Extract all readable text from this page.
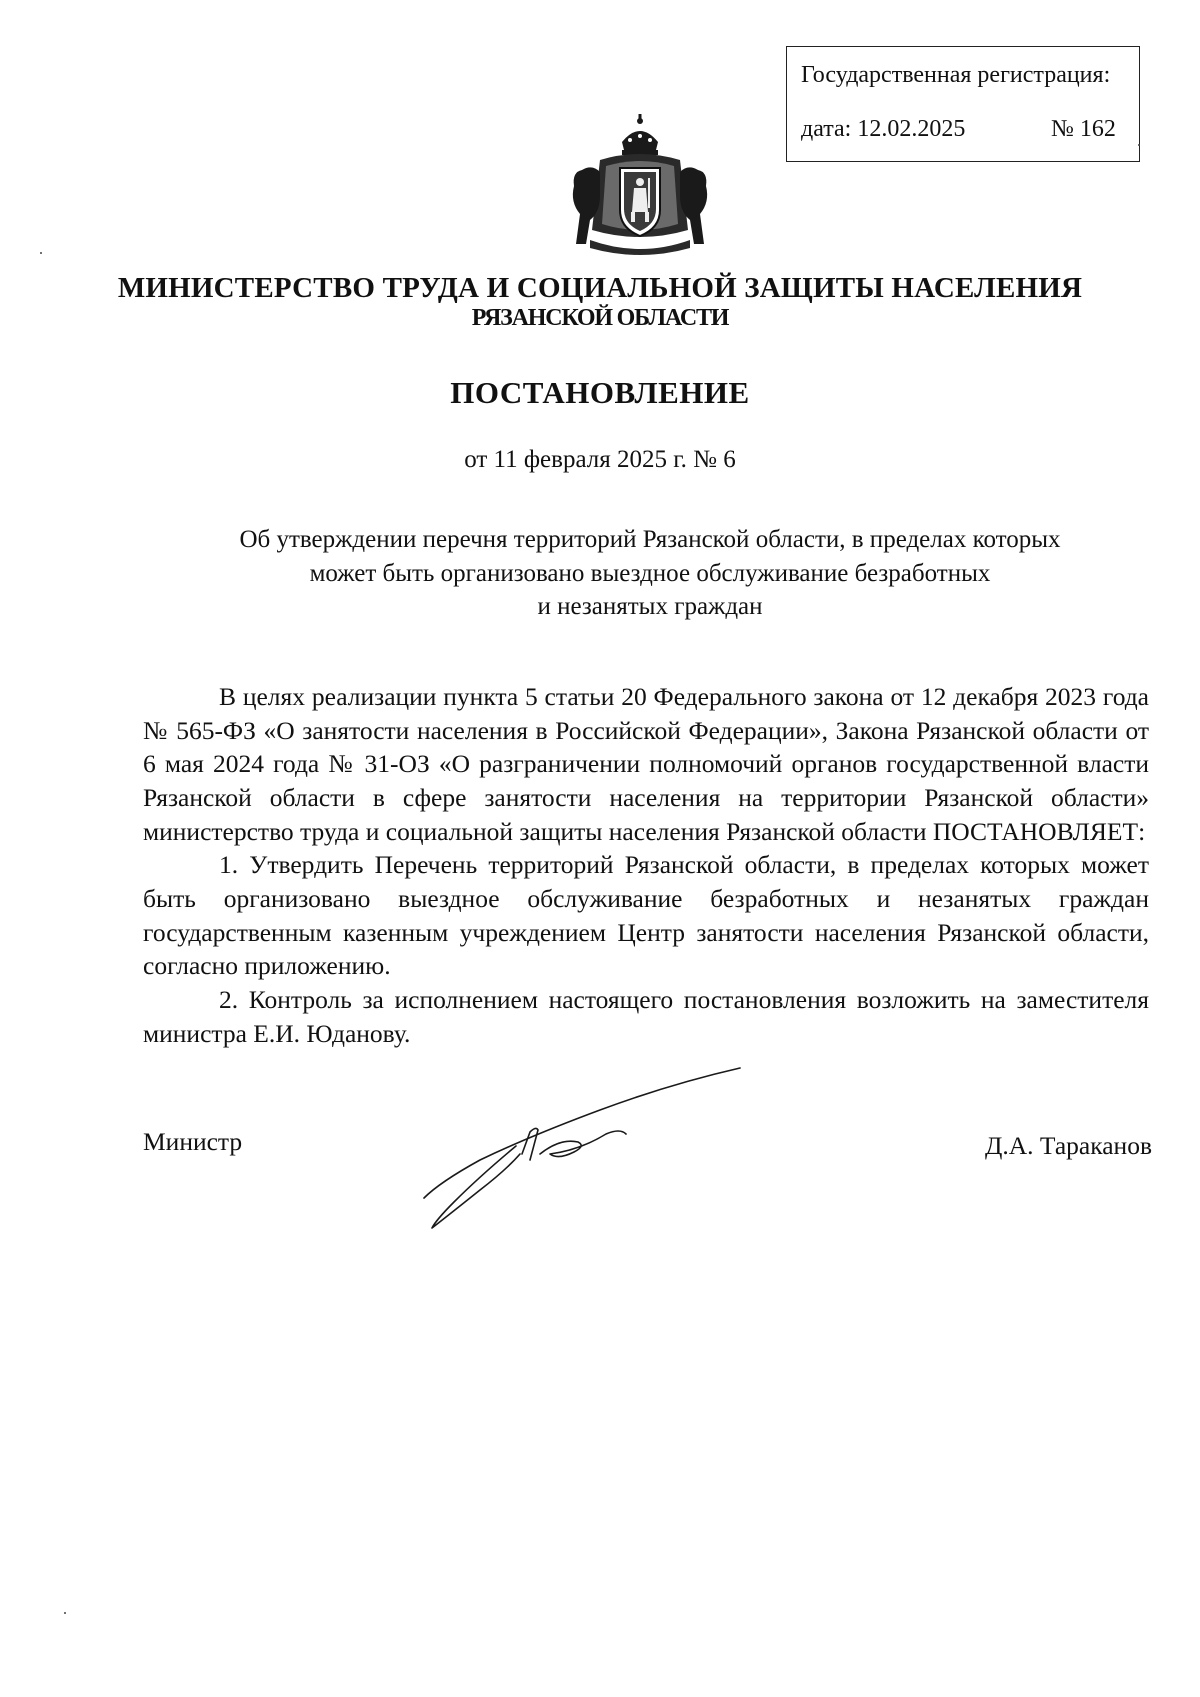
Государственная регистрация:
дата: 12.02.2025	№ 162
МИНИСТЕРСТВО ТРУДА И СОЦИАЛЬНОЙ ЗАЩИТЫ НАСЕЛЕНИЯ
РЯЗАНСКОЙ ОБЛАСТИ
ПОСТАНОВЛЕНИЕ
от 11 февраля 2025 г. № 6
Об утверждении перечня территорий Рязанской области, в пределах которых
может быть организовано выездное обслуживание безработных
и незанятых граждан

В целях реализации пункта 5 статьи 20 Федерального закона от 12 декабря 2023 года № 565-ФЗ «О занятости населения в Российской Федерации», Закона Рязанской области от 6 мая 2024 года № 31-ОЗ «О разграничении полномочий органов государственной власти Рязанской области в сфере занятости населения на территории Рязанской области» министерство труда и социальной защиты населения Рязанской области ПОСТАНОВЛЯЕТ:

1. Утвердить Перечень территорий Рязанской области, в пределах которых может быть организовано выездное обслуживание безработных и незанятых граждан государственным казенным учреждением Центр занятости населения Рязанской области, согласно приложению.

2. Контроль за исполнением настоящего постановления возложить на заместителя министра Е.И. Юданову.

Министр	Д.А. Тараканов
